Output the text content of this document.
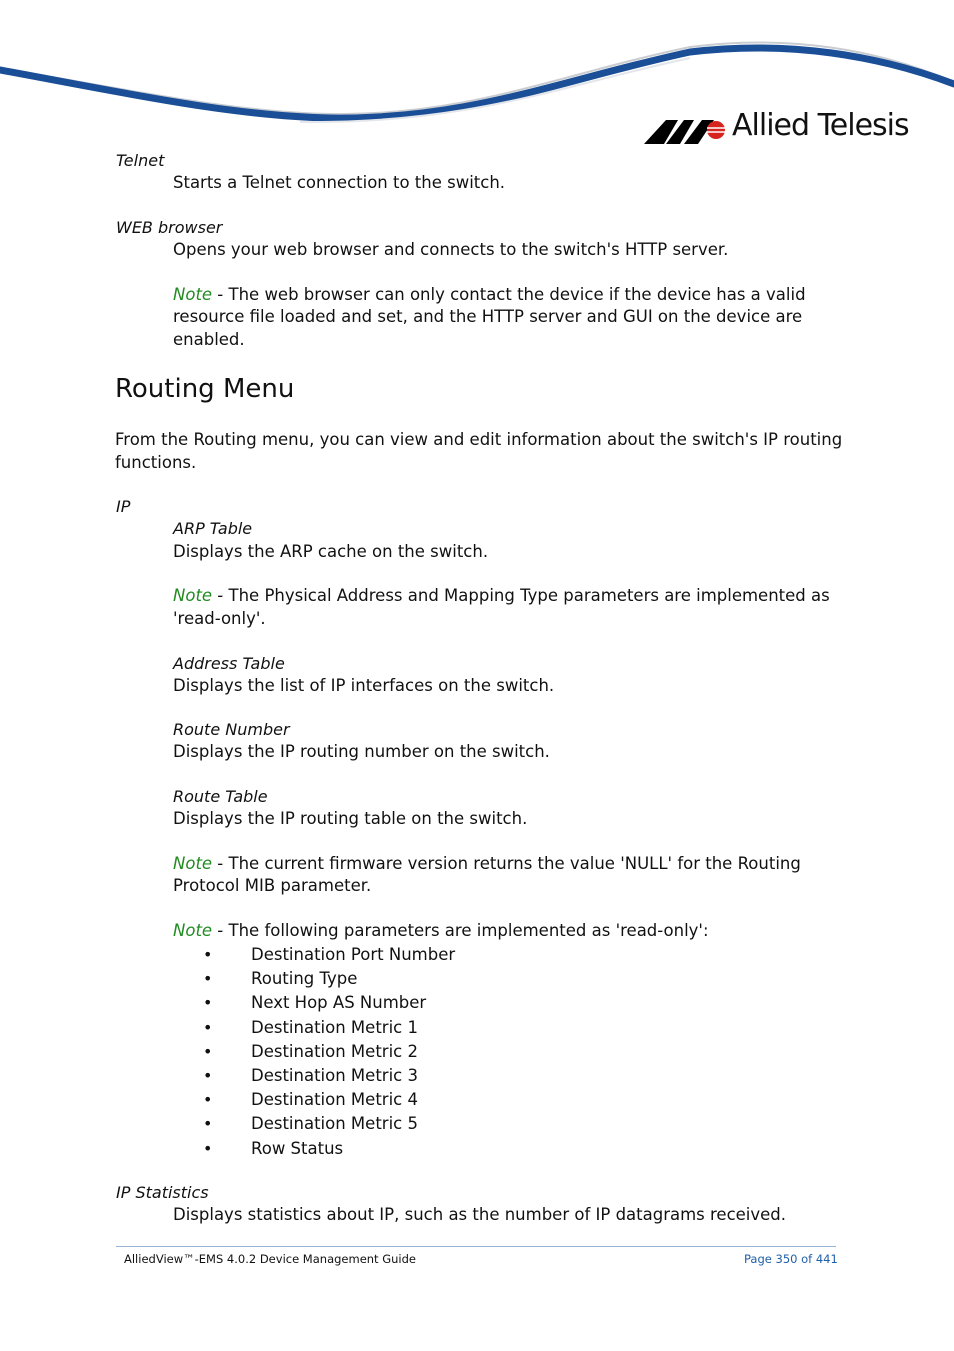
Allied Telesis
Telnet
Starts a Telnet connection to the switch.
WEB browser
Opens your web browser and connects to the switch's HTTP server.
Note - The web browser can only contact the device if the device has a valid
resource file loaded and set, and the HTTP server and GUI on the device are
enabled.
Routing Menu
From the Routing menu, you can view and edit information about the switch's IP routing
functions.
IP
ARP Table
Displays the ARP cache on the switch.
Note - The Physical Address and Mapping Type parameters are implemented as
'read-only'.
Address Table
Displays the list of IP interfaces on the switch.
Route Number
Displays the IP routing number on the switch.
Route Table
Displays the IP routing table on the switch.
Note - The current firmware version returns the value 'NULL' for the Routing
Protocol MIB parameter.
Note - The following parameters are implemented as 'read-only':
• Destination Port Number
• Routing Type
• Next Hop AS Number
• Destination Metric 1
• Destination Metric 2
• Destination Metric 3
• Destination Metric 4
• Destination Metric 5
• Row Status
IP Statistics
Displays statistics about IP, such as the number of IP datagrams received.
AlliedView™-EMS 4.0.2 Device Management Guide	Page 350 of 441
